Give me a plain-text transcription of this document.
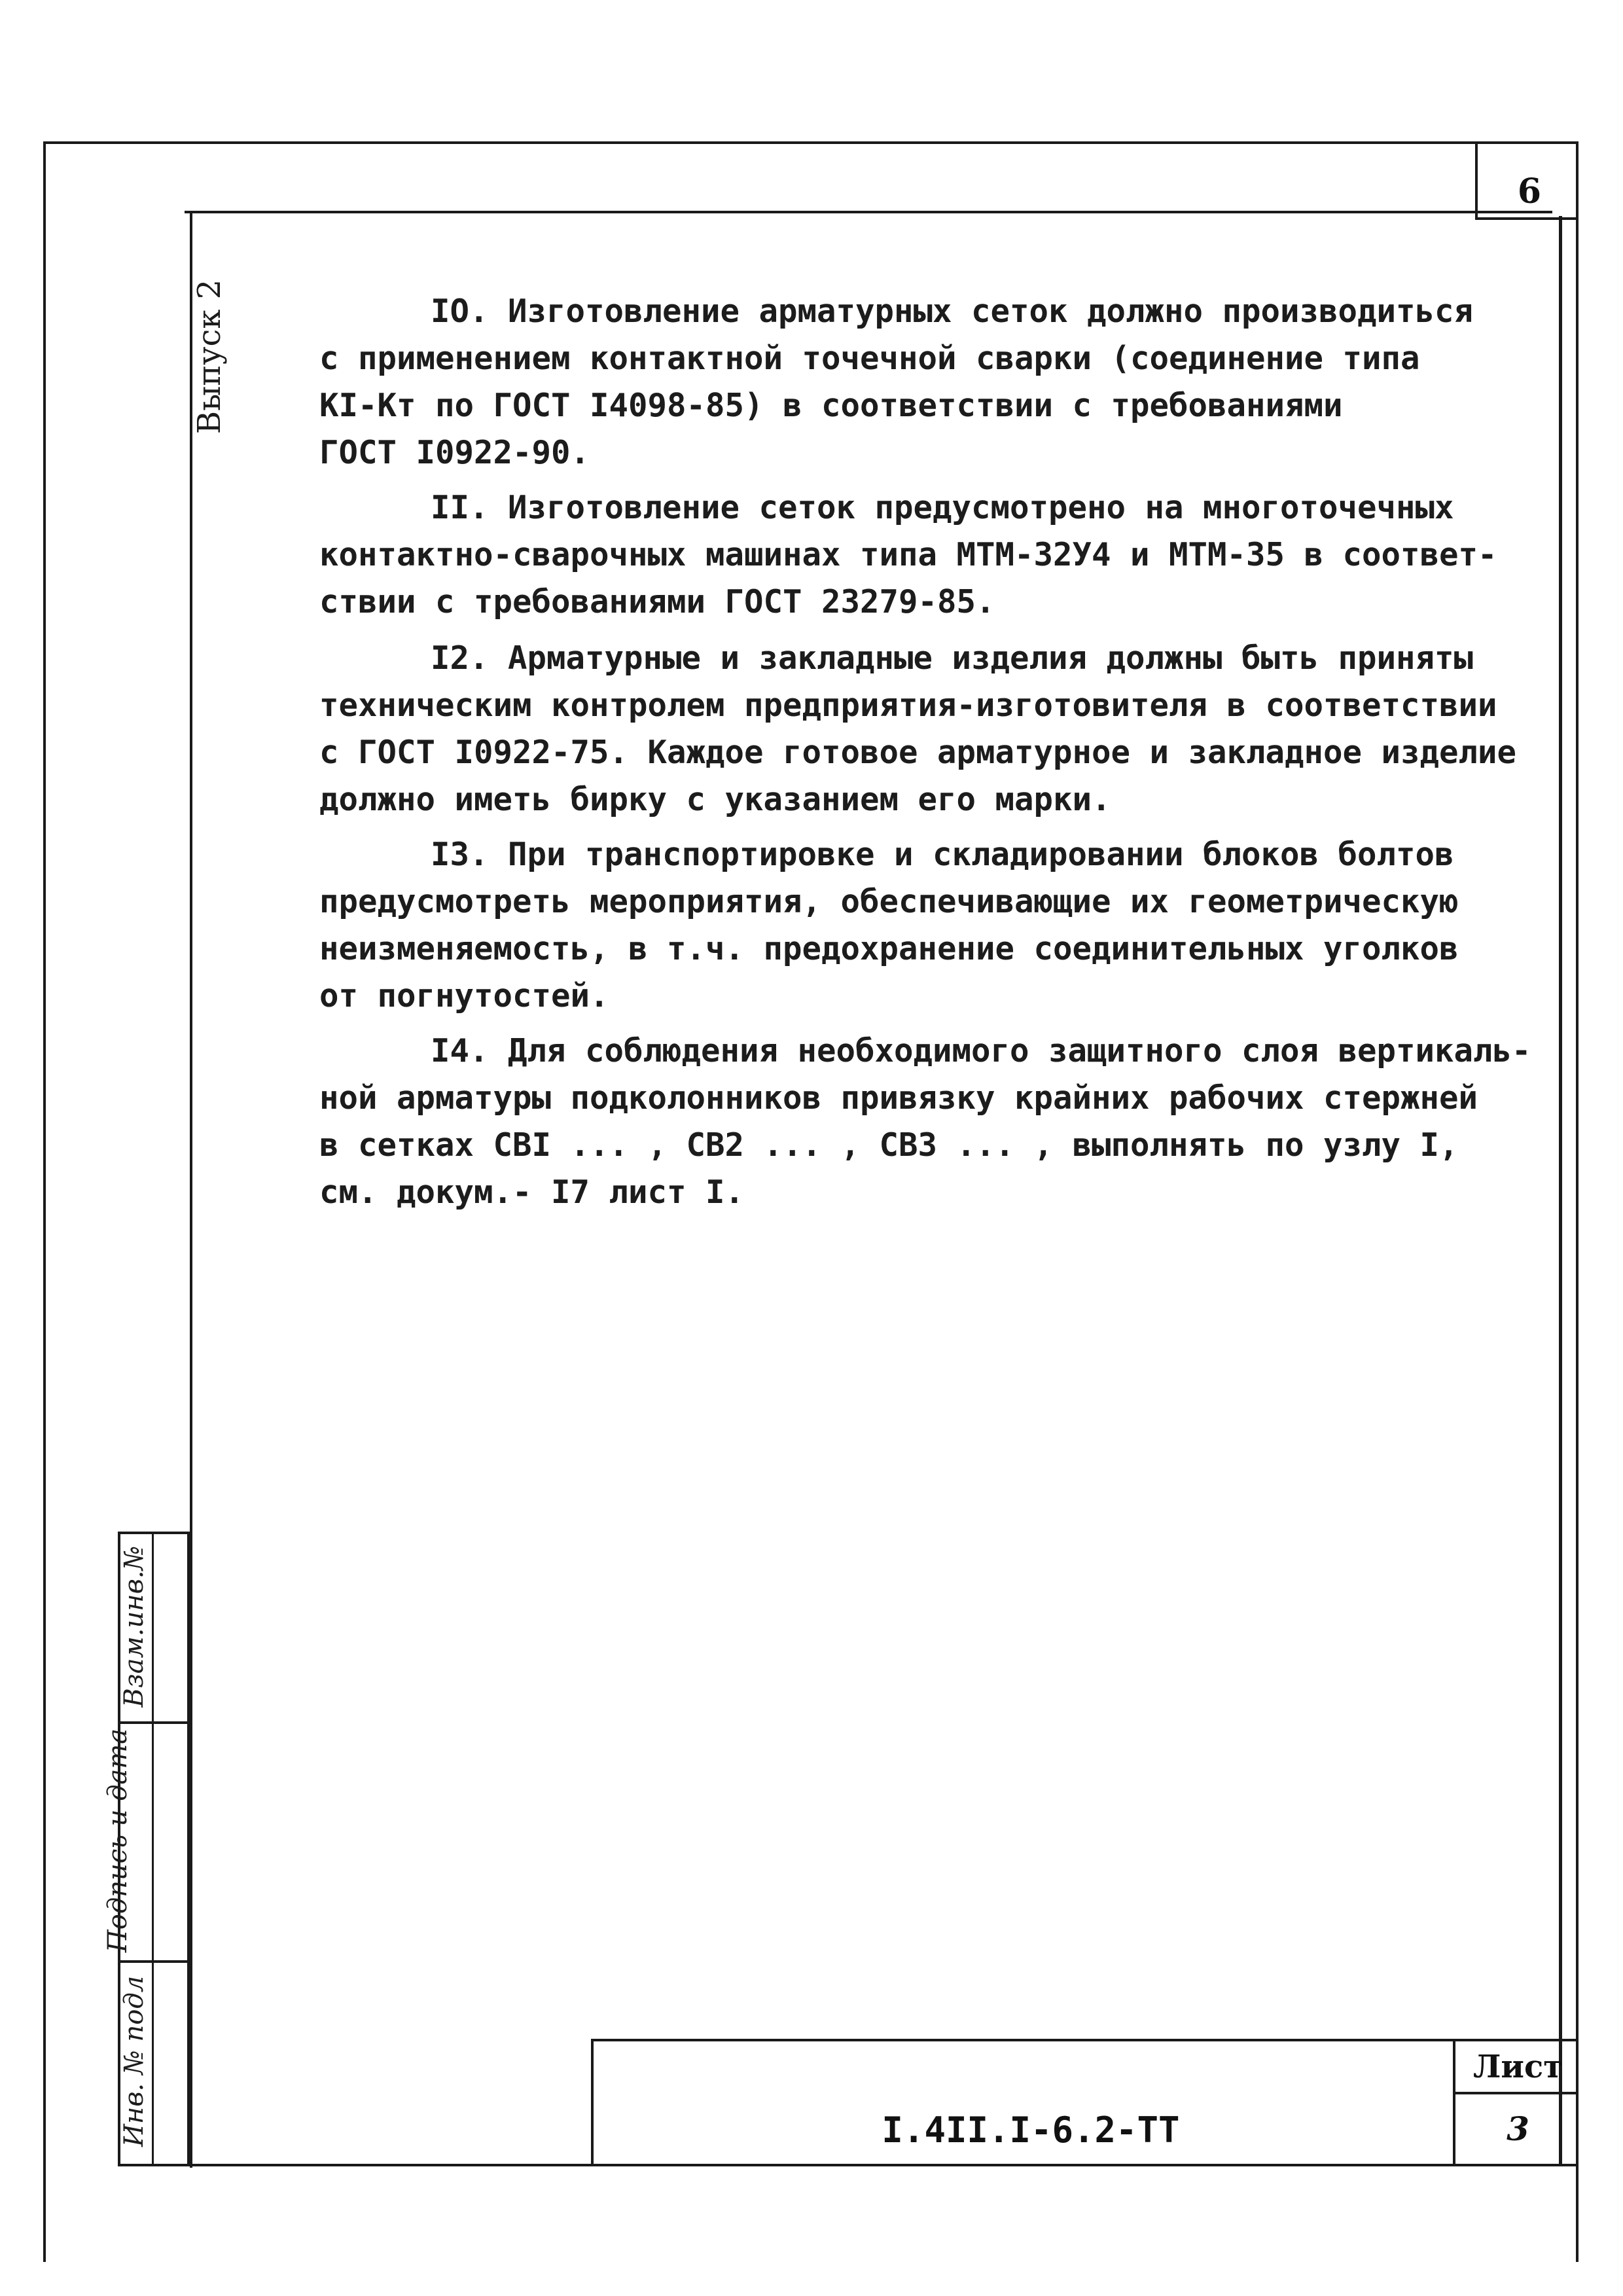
6
Выпуск 2
Взам.инв.№
Подпись и дата
Инв. № подл
IO. Изготовление арматурных сеток должно производиться
с применением контактной точечной сварки (соединение типа
KI-Кт по ГОСТ I4098-85) в соответствии с требованиями
ГОСТ I0922-90.
II. Изготовление сеток предусмотрено на многоточечных
контактно-сварочных машинах типа МТМ-32У4 и МТМ-35 в соответ-
ствии с требованиями ГОСТ 23279-85.
I2. Арматурные и закладные изделия должны быть приняты
техническим контролем предприятия-изготовителя в соответствии
с ГОСТ I0922-75. Каждое готовое арматурное и закладное изделие
должно иметь бирку с указанием его марки.
I3. При транспортировке и складировании блоков болтов
предусмотреть мероприятия, обеспечивающие их геометрическую
неизменяемость, в т.ч. предохранение соединительных уголков
от погнутостей.
I4. Для соблюдения необходимого защитного слоя вертикаль-
ной арматуры подколонников привязку крайних рабочих стержней
в сетках СВI ... , СВ2 ... , СВ3 ... , выполнять по узлу I,
см. докум.- I7 лист I.
I.4II.I-6.2-ТТ
Лист
3
